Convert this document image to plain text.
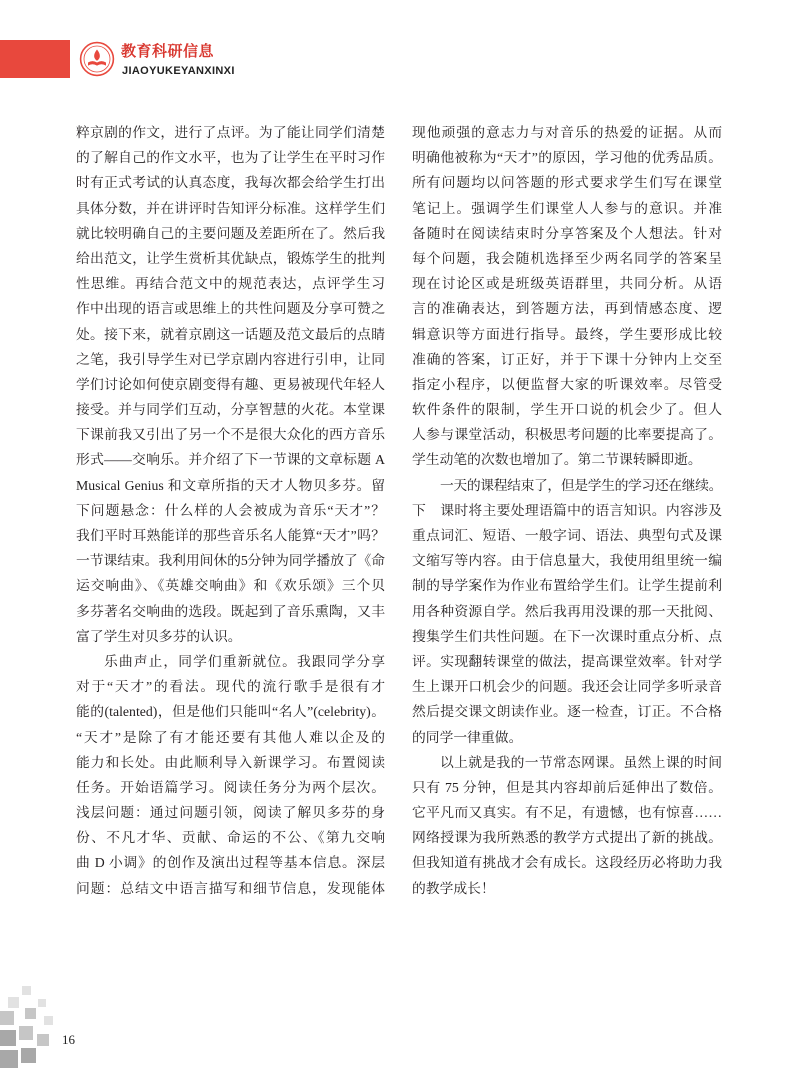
教育科研信息
JIAOYUKEYANXINXI
粹京剧的作文，进行了点评。为了能让同学们清楚
的了解自己的作文水平，也为了让学生在平时习作
时有正式考试的认真态度，我每次都会给学生打出
具体分数，并在讲评时告知评分标准。这样学生们
就比较明确自己的主要问题及差距所在了。然后我
给出范文，让学生赏析其优缺点，锻炼学生的批判
性思维。再结合范文中的规范表达，点评学生习
作中出现的语言或思维上的共性问题及分享可赞之
处。接下来，就着京剧这一话题及范文最后的点睛
之笔，我引导学生对已学京剧内容进行引申，让同
学们讨论如何使京剧变得有趣、更易被现代年轻人
接受。并与同学们互动，分享智慧的火花。本堂课
下课前我又引出了另一个不是很大众化的西方音乐
形式——交响乐。并介绍了下一节课的文章标题 A
Musical Genius 和文章所指的天才人物贝多芬。留
下问题悬念：什么样的人会被成为音乐“天才”？
我们平时耳熟能详的那些音乐名人能算“天才”吗？
一节课结束。我利用间休的5分钟为同学播放了《命
运交响曲》、《英雄交响曲》和《欢乐颂》三个贝
多芬著名交响曲的选段。既起到了音乐熏陶，又丰
富了学生对贝多芬的认识。
乐曲声止，同学们重新就位。我跟同学分享
对于“天才”的看法。现代的流行歌手是很有才
能的(talented)，但是他们只能叫“名人”(celebrity)。
“天才”是除了有才能还要有其他人难以企及的
能力和长处。由此顺利导入新课学习。布置阅读
任务。开始语篇学习。阅读任务分为两个层次。
浅层问题：通过问题引领，阅读了解贝多芬的身
份、不凡才华、贡献、命运的不公、《第九交响
曲 D 小调》的创作及演出过程等基本信息。深层
问题：总结文中语言描写和细节信息，发现能体
现他顽强的意志力与对音乐的热爱的证据。从而
明确他被称为“天才”的原因，学习他的优秀品质。
所有问题均以问答题的形式要求学生们写在课堂
笔记上。强调学生们课堂人人参与的意识。并准
备随时在阅读结束时分享答案及个人想法。针对
每个问题，我会随机选择至少两名同学的答案呈
现在讨论区或是班级英语群里，共同分析。从语
言的准确表达，到答题方法，再到情感态度、逻
辑意识等方面进行指导。最终，学生要形成比较
准确的答案，订正好，并于下课十分钟内上交至
指定小程序，以便监督大家的听课效率。尽管受
软件条件的限制，学生开口说的机会少了。但人
人参与课堂活动，积极思考问题的比率要提高了。
学生动笔的次数也增加了。第二节课转瞬即逝。
一天的课程结束了，但是学生的学习还在继续。
下　课时将主要处理语篇中的语言知识。内容涉及
重点词汇、短语、一般字词、语法、典型句式及课
文缩写等内容。由于信息量大，我使用组里统一编
制的导学案作为作业布置给学生们。让学生提前利
用各种资源自学。然后我再用没课的那一天批阅、
搜集学生们共性问题。在下一次课时重点分析、点
评。实现翻转课堂的做法，提高课堂效率。针对学
生上课开口机会少的问题。我还会让同学多听录音
然后提交课文朗读作业。逐一检查，订正。不合格
的同学一律重做。
以上就是我的一节常态网课。虽然上课的时间
只有 75 分钟，但是其内容却前后延伸出了数倍。
它平凡而又真实。有不足，有遗憾，也有惊喜……
网络授课为我所熟悉的教学方式提出了新的挑战。
但我知道有挑战才会有成长。这段经历必将助力我
的教学成长！
16
